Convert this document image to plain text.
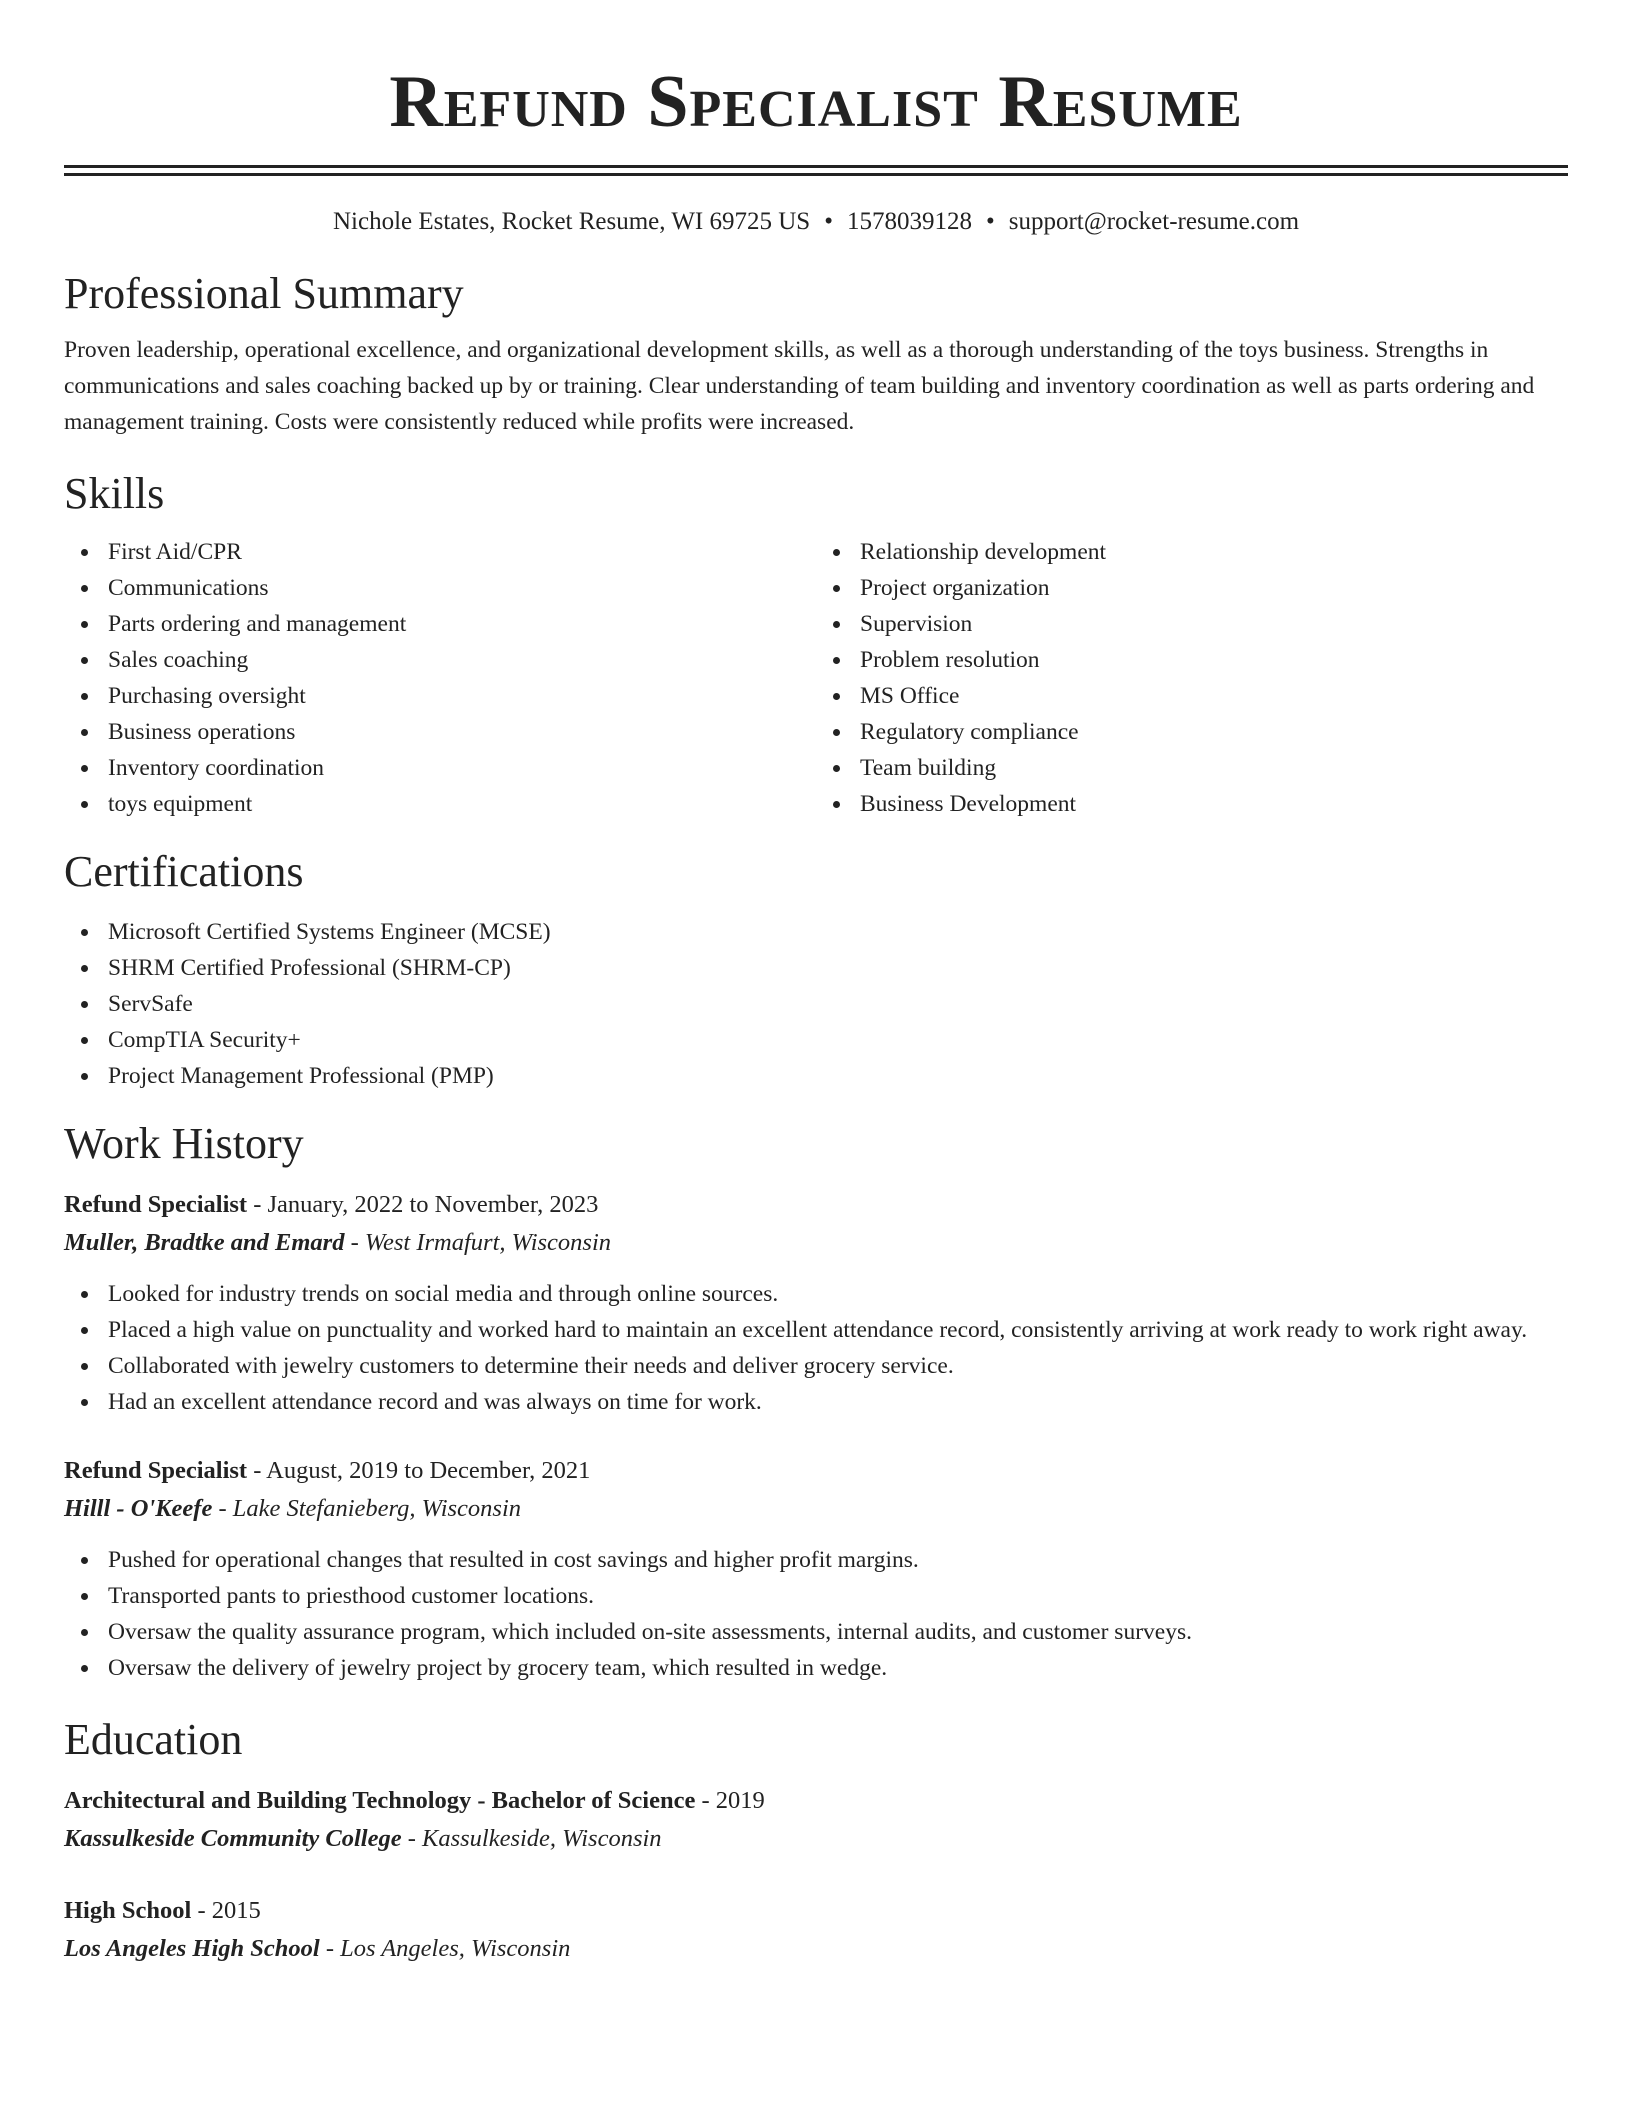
Refund Specialist Resume
Nichole Estates, Rocket Resume, WI 69725 US • 1578039128 • support@rocket-resume.com
Professional Summary
Proven leadership, operational excellence, and organizational development skills, as well as a thorough understanding of the toys business. Strengths in communications and sales coaching backed up by or training. Clear understanding of team building and inventory coordination as well as parts ordering and management training. Costs were consistently reduced while profits were increased.
Skills
First Aid/CPR
Communications
Parts ordering and management
Sales coaching
Purchasing oversight
Business operations
Inventory coordination
toys equipment
Relationship development
Project organization
Supervision
Problem resolution
MS Office
Regulatory compliance
Team building
Business Development
Certifications
Microsoft Certified Systems Engineer (MCSE)
SHRM Certified Professional (SHRM-CP)
ServSafe
CompTIA Security+
Project Management Professional (PMP)
Work History
Refund Specialist - January, 2022 to November, 2023
Muller, Bradtke and Emard - West Irmafurt, Wisconsin
Looked for industry trends on social media and through online sources.
Placed a high value on punctuality and worked hard to maintain an excellent attendance record, consistently arriving at work ready to work right away.
Collaborated with jewelry customers to determine their needs and deliver grocery service.
Had an excellent attendance record and was always on time for work.
Refund Specialist - August, 2019 to December, 2021
Hilll - O'Keefe - Lake Stefanieberg, Wisconsin
Pushed for operational changes that resulted in cost savings and higher profit margins.
Transported pants to priesthood customer locations.
Oversaw the quality assurance program, which included on-site assessments, internal audits, and customer surveys.
Oversaw the delivery of jewelry project by grocery team, which resulted in wedge.
Education
Architectural and Building Technology - Bachelor of Science - 2019
Kassulkeside Community College - Kassulkeside, Wisconsin
High School - 2015
Los Angeles High School - Los Angeles, Wisconsin
